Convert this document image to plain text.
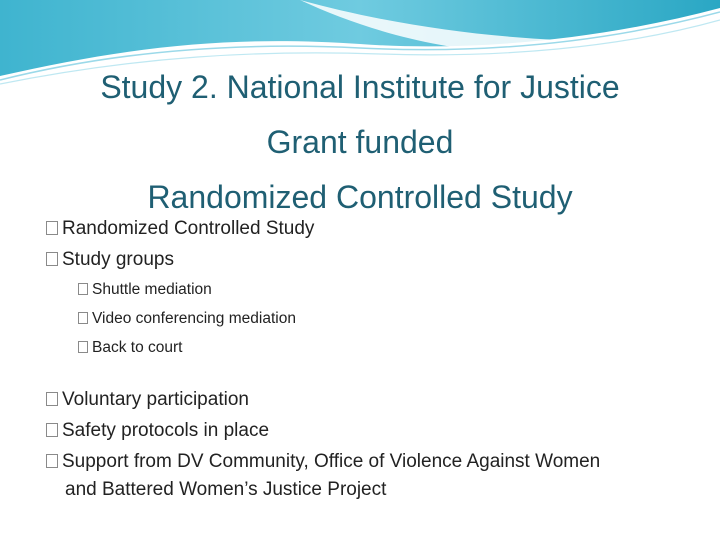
Study 2. National Institute for Justice
Grant funded
Randomized Controlled Study
Randomized Controlled Study
Study groups
Shuttle mediation
Video conferencing mediation
Back to court
Voluntary participation
Safety protocols in place
Support from DV Community, Office of Violence Against Women
and Battered Women’s Justice Project
